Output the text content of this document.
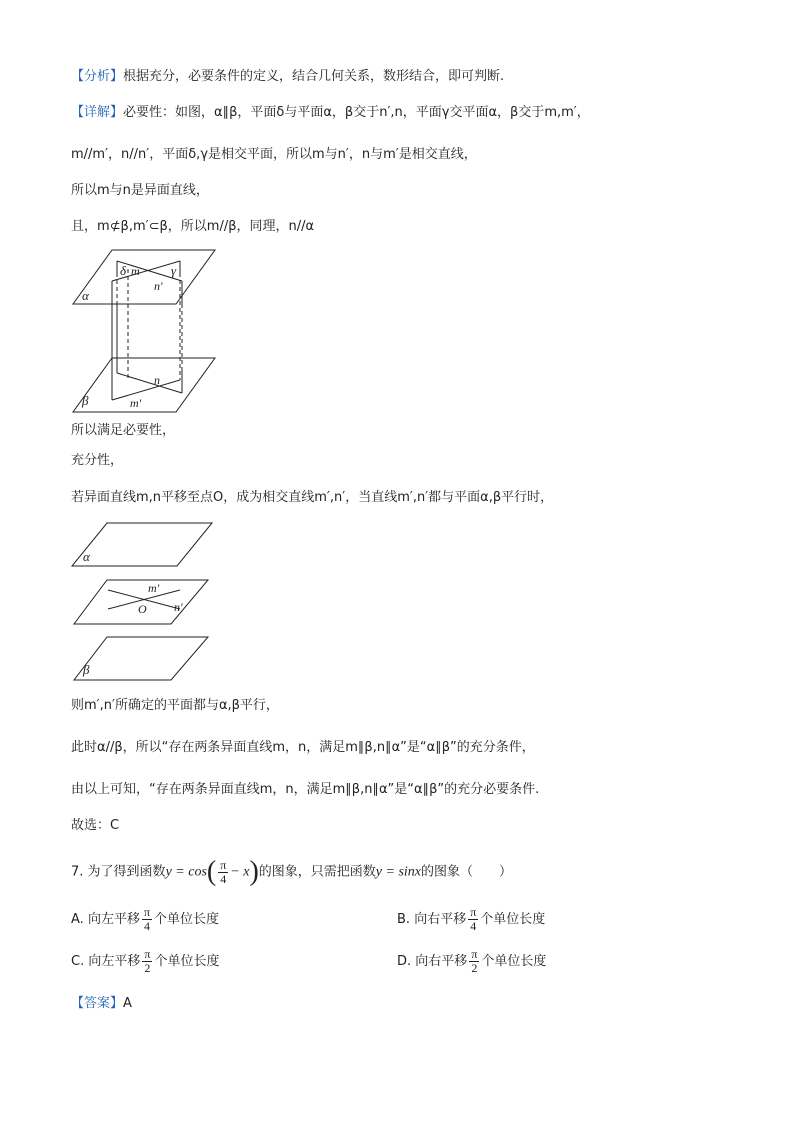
【分析】根据充分，必要条件的定义，结合几何关系，数形结合，即可判断.
【详解】必要性：如图，α∥β，平面δ与平面α，β交于n′,n，平面γ交平面α，β交于m,m′，
m//m′，n//n′，平面δ,γ是相交平面，所以m与n′，n与m′是相交直线，
所以m与n是异面直线，
且，m⊄β,m′⊂β，所以m//β，同理，n//α
δ m γ
n′
α
n
β	m′
所以满足必要性，
充分性，
若异面直线m,n平移至点O，成为相交直线m′,n′，当直线m′,n′都与平面α,β平行时，
α
m′
O n′
β
则m′,n′所确定的平面都与α,β平行，
此时α//β，所以“存在两条异面直线m，n，满足m∥β,n∥α”是“α∥β”的充分条件，
由以上可知，“存在两条异面直线m，n，满足m∥β,n∥α”是“α∥β”的充分必要条件.
故选：C
7. 为了得到函数$y = \cos( \frac{\pi}{4} - x)$的图象，只需把函数y = sinx的图象（　　）
A. 向左平移 $\frac{\pi}{4}$ 个单位长度	B. 向右平移 $\frac{\pi}{4}$ 个单位长度
C. 向左平移 $\frac{\pi}{2}$ 个单位长度	D. 向右平移 $\frac{\pi}{2}$ 个单位长度
【答案】A
